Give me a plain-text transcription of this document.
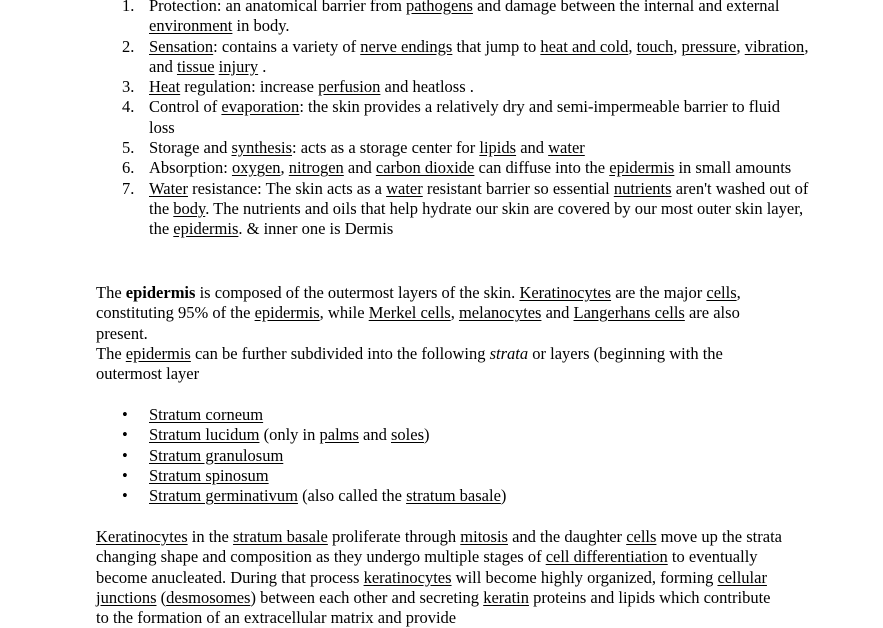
1. Protection: an anatomical barrier from pathogens and damage between the internal and external environment in body.
2. Sensation: contains a variety of nerve endings that jump to heat and cold, touch, pressure, vibration, and tissue injury .
3. Heat regulation: increase perfusion and heatloss .
4. Control of evaporation: the skin provides a relatively dry and semi-impermeable barrier to fluid loss
5. Storage and synthesis: acts as a storage center for lipids and water
6. Absorption: oxygen, nitrogen and carbon dioxide can diffuse into the epidermis in small amounts
7. Water resistance: The skin acts as a water resistant barrier so essential nutrients aren't washed out of the body. The nutrients and oils that help hydrate our skin are covered by our most outer skin layer, the epidermis. & inner one is Dermis

The epidermis is composed of the outermost layers of the skin. Keratinocytes are the major cells, constituting 95% of the epidermis, while Merkel cells, melanocytes and Langerhans cells are also present.

The epidermis can be further subdivided into the following strata or layers (beginning with the outermost layer

• Stratum corneum
• Stratum lucidum (only in palms and soles)
• Stratum granulosum
• Stratum spinosum
• Stratum germinativum (also called the stratum basale)

Keratinocytes in the stratum basale proliferate through mitosis and the daughter cells move up the strata changing shape and composition as they undergo multiple stages of cell differentiation to eventually become anucleated. During that process keratinocytes will become highly organized, forming cellular junctions (desmosomes) between each other and secreting keratin proteins and lipids which contribute to the formation of an extracellular matrix and provide
